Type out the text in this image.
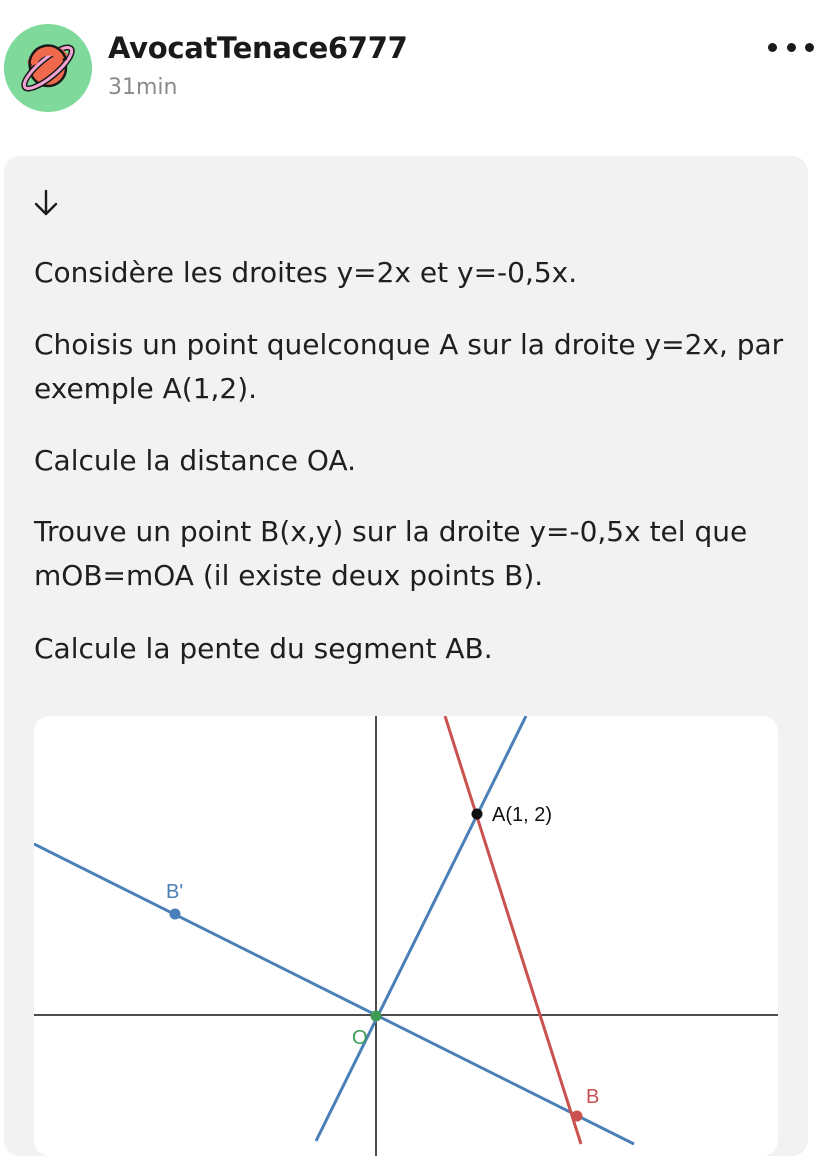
AvocatTenace6777
31min
Considère les droites y=2x et y=-0,5x.
Choisis un point quelconque A sur la droite y=2x, par exemple A(1,2).
Calcule la distance OA.
Trouve un point B(x,y) sur la droite y=-0,5x tel que mOB=mOA (il existe deux points B).
Calcule la pente du segment AB.
A(1, 2)
B'
O
B
